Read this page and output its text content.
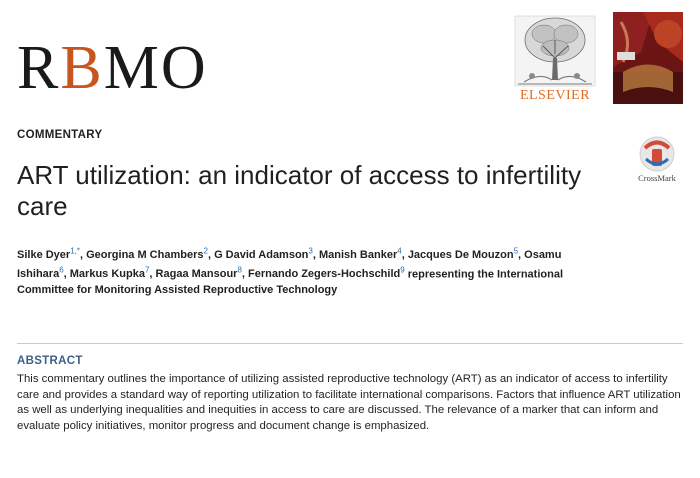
RBMO	ELSEVIER
COMMENTARY
CrossMark
ART utilization: an indicator of access to infertility care
Silke Dyer$^{1,*}$, Georgina M Chambers$^2$, G David Adamson$^3$, Manish Banker$^4$, Jacques De Mouzon$^5$, Osamu Ishihara$^6$, Markus Kupka$^7$, Ragaa Mansour$^8$, Fernando Zegers-Hochschild$^9$ representing the International Committee for Monitoring Assisted Reproductive Technology
ABSTRACT

This commentary outlines the importance of utilizing assisted reproductive technology (ART) as an indicator of access to infertility care and provides a standard way of reporting utilization to facilitate international comparisons. Factors that influence ART utilization as well as underlying inequalities and inequities in access to care are discussed. The relevance of a marker that can inform and evaluate policy initiatives, monitor progress and document change is emphasized.
